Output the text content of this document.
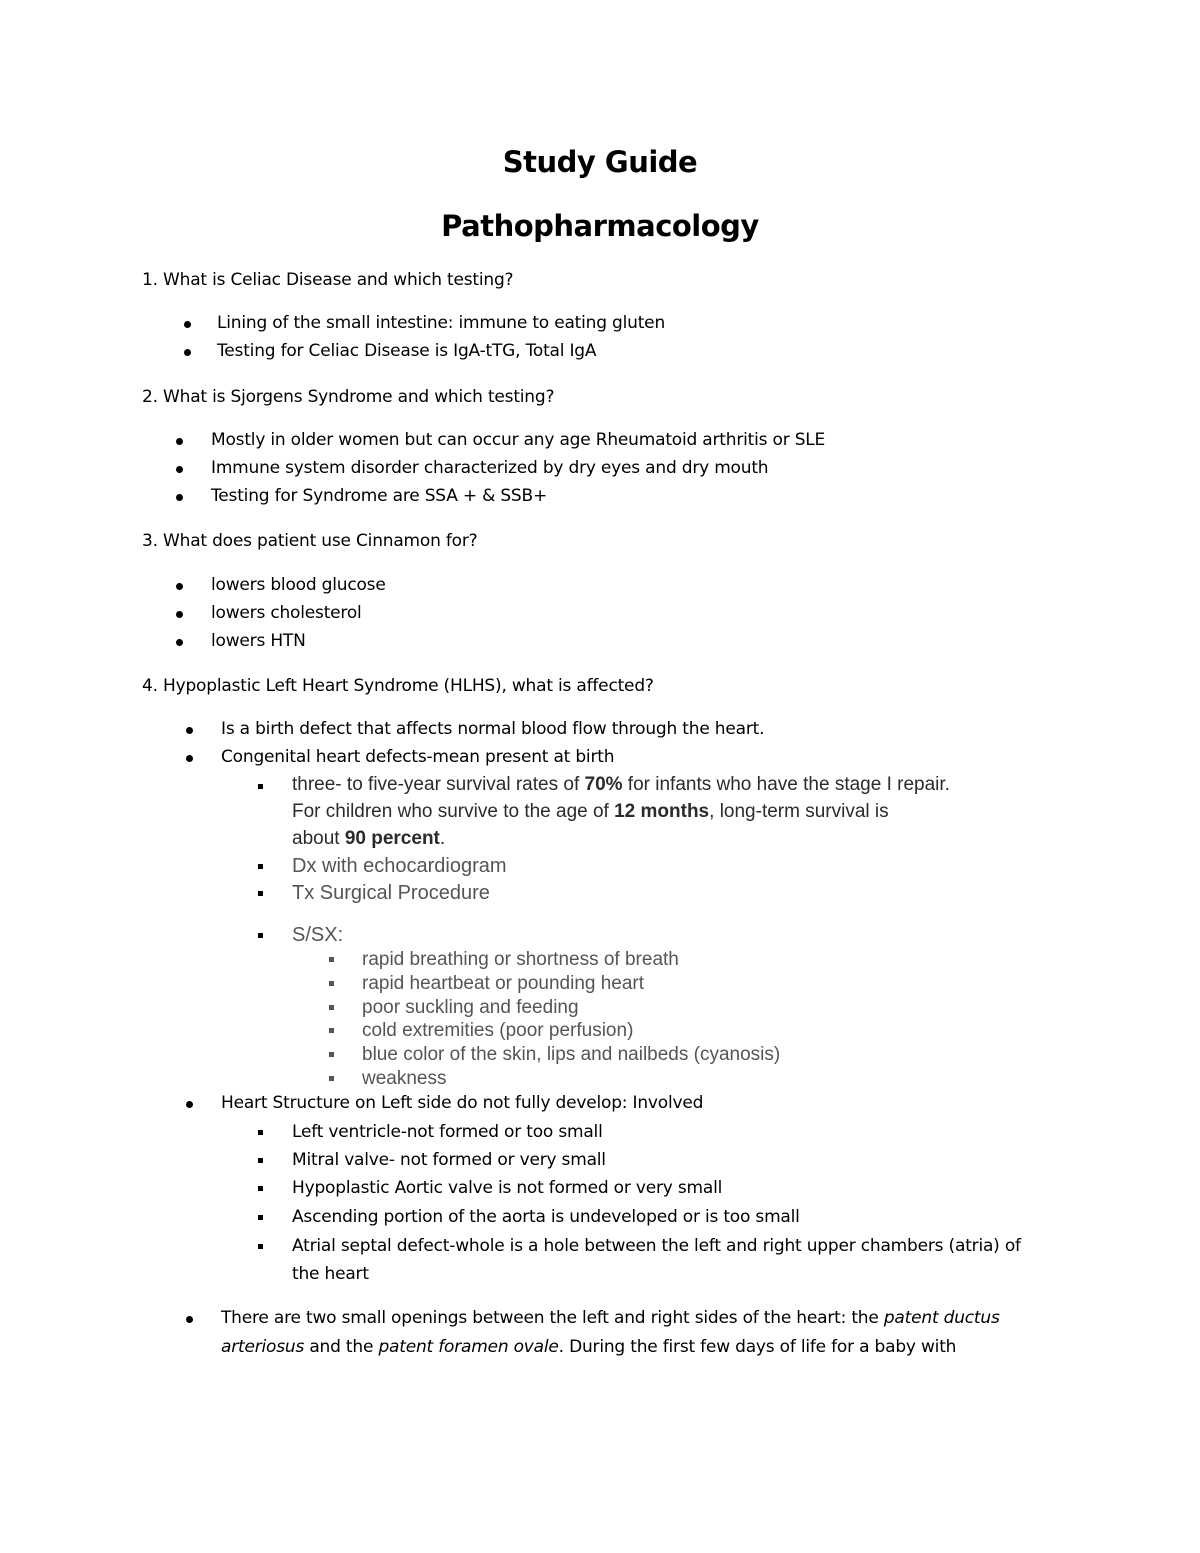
Study Guide
Pathopharmacology
1. What is Celiac Disease and which testing?
Lining of the small intestine: immune to eating gluten
Testing for Celiac Disease is IgA-tTG, Total IgA
2. What is Sjorgens Syndrome and which testing?
Mostly in older women but can occur any age Rheumatoid arthritis or SLE
Immune system disorder characterized by dry eyes and dry mouth
Testing for Syndrome are SSA + & SSB+
3. What does patient use Cinnamon for?
lowers blood glucose
lowers cholesterol
lowers HTN
4. Hypoplastic Left Heart Syndrome (HLHS), what is affected?
Is a birth defect that affects normal blood flow through the heart.
Congenital heart defects-mean present at birth
three- to five-year survival rates of 70% for infants who have the stage I repair.
For children who survive to the age of 12 months, long-term survival is
about 90 percent.
Dx with echocardiogram
Tx Surgical Procedure
S/SX:
rapid breathing or shortness of breath
rapid heartbeat or pounding heart
poor suckling and feeding
cold extremities (poor perfusion)
blue color of the skin, lips and nailbeds (cyanosis)
weakness
Heart Structure on Left side do not fully develop: Involved
Left ventricle-not formed or too small
Mitral valve- not formed or very small
Hypoplastic Aortic valve is not formed or very small
Ascending portion of the aorta is undeveloped or is too small
Atrial septal defect-whole is a hole between the left and right upper chambers (atria) of
the heart
There are two small openings between the left and right sides of the heart: the patent ductus
arteriosus and the patent foramen ovale. During the first few days of life for a baby with
